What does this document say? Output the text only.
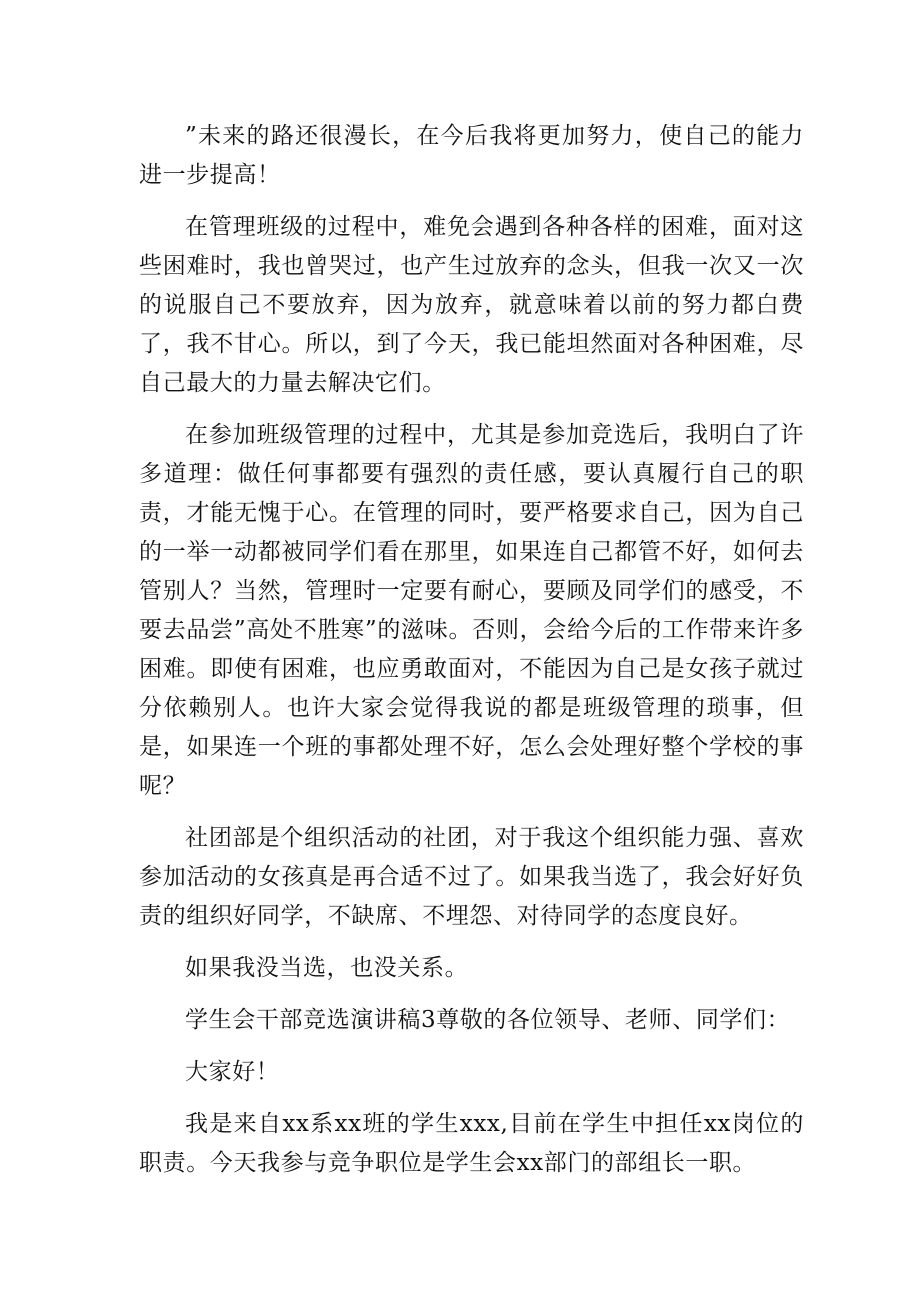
”未来的路还很漫长，在今后我将更加努力，使自己的能力进一步提高！

在管理班级的过程中，难免会遇到各种各样的困难，面对这些困难时，我也曾哭过，也产生过放弃的念头，但我一次又一次的说服自己不要放弃，因为放弃，就意味着以前的努力都白费了，我不甘心。所以，到了今天，我已能坦然面对各种困难，尽自己最大的力量去解决它们。

在参加班级管理的过程中，尤其是参加竞选后，我明白了许多道理：做任何事都要有强烈的责任感，要认真履行自己的职责，才能无愧于心。在管理的同时，要严格要求自己，因为自己的一举一动都被同学们看在那里，如果连自己都管不好，如何去管别人？当然，管理时一定要有耐心，要顾及同学们的感受，不要去品尝”高处不胜寒”的滋味。否则，会给今后的工作带来许多困难。即使有困难，也应勇敢面对，不能因为自己是女孩子就过分依赖别人。也许大家会觉得我说的都是班级管理的琐事，但是，如果连一个班的事都处理不好，怎么会处理好整个学校的事呢？

社团部是个组织活动的社团，对于我这个组织能力强、喜欢参加活动的女孩真是再合适不过了。如果我当选了，我会好好负责的组织好同学，不缺席、不埋怨、对待同学的态度良好。

如果我没当选，也没关系。

学生会干部竞选演讲稿3尊敬的各位领导、老师、同学们：

大家好！

我是来自xx系xx班的学生xxx,目前在学生中担任xx岗位的职责。今天我参与竞争职位是学生会xx部门的部组长一职。
